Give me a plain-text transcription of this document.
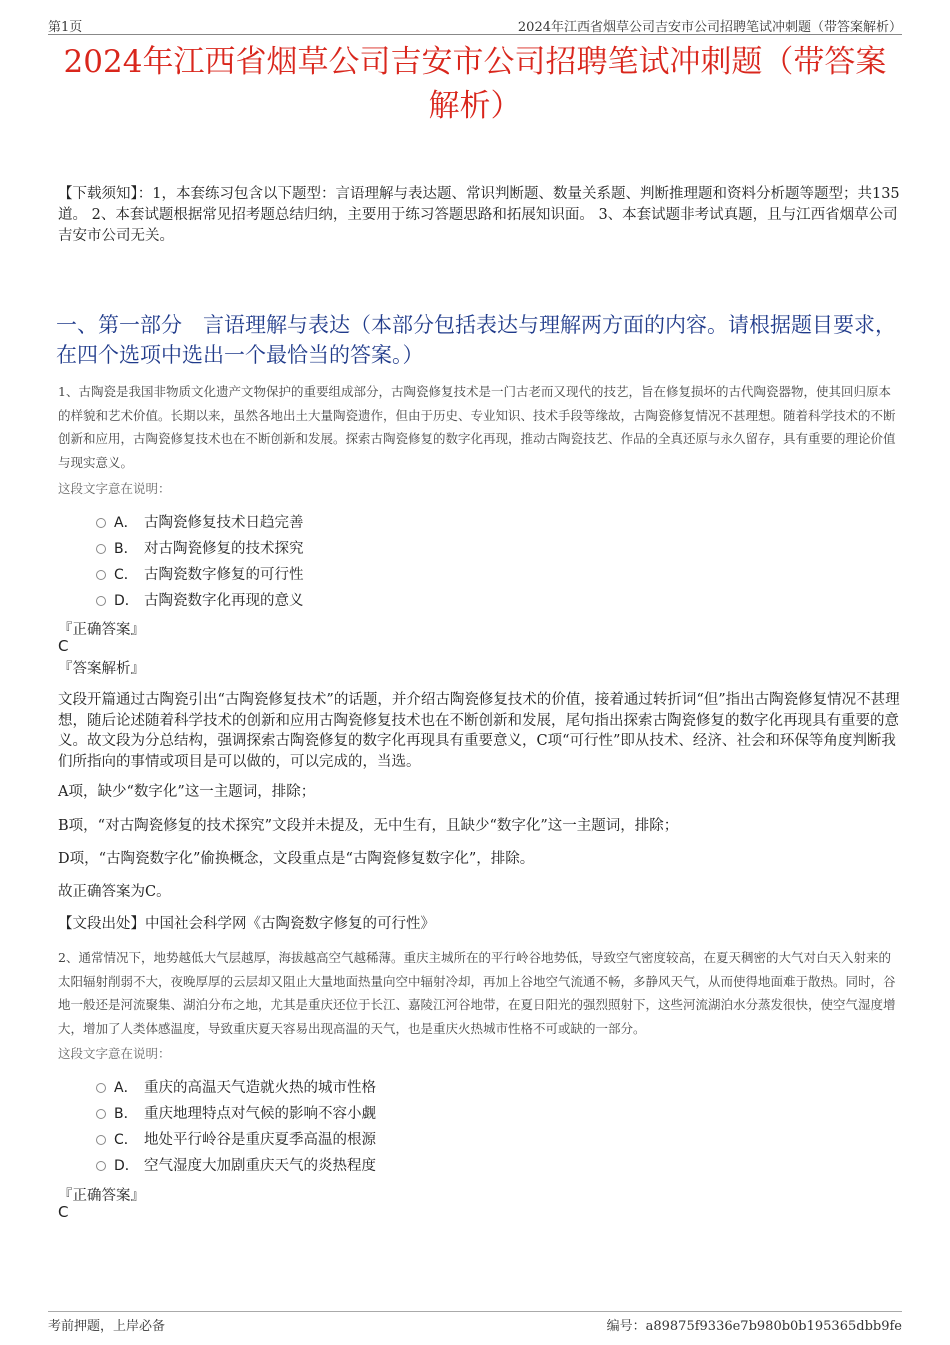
第1页	2024年江西省烟草公司吉安市公司招聘笔试冲刺题（带答案解析）
2024年江西省烟草公司吉安市公司招聘笔试冲刺题（带答案解析）
【下载须知】：1，本套练习包含以下题型：言语理解与表达题、常识判断题、数量关系题、判断推理题和资料分析题等题型；共135道。 2、本套试题根据常见招考题总结归纳，主要用于练习答题思路和拓展知识面。 3、本套试题非考试真题，且与江西省烟草公司吉安市公司无关。
一、第一部分　言语理解与表达（本部分包括表达与理解两方面的内容。请根据题目要求，在四个选项中选出一个最恰当的答案。）
1、古陶瓷是我国非物质文化遗产文物保护的重要组成部分，古陶瓷修复技术是一门古老而又现代的技艺，旨在修复损坏的古代陶瓷器物，使其回归原本的样貌和艺术价值。长期以来，虽然各地出土大量陶瓷遗作，但由于历史、专业知识、技术手段等缘故，古陶瓷修复情况不甚理想。随着科学技术的不断创新和应用，古陶瓷修复技术也在不断创新和发展。探索古陶瓷修复的数字化再现，推动古陶瓷技艺、作品的全真还原与永久留存，具有重要的理论价值与现实意义。
这段文字意在说明：
A． 古陶瓷修复技术日趋完善
B． 对古陶瓷修复的技术探究
C． 古陶瓷数字修复的可行性
D． 古陶瓷数字化再现的意义
『正确答案』
C
『答案解析』
文段开篇通过古陶瓷引出“古陶瓷修复技术”的话题，并介绍古陶瓷修复技术的价值，接着通过转折词“但”指出古陶瓷修复情况不甚理想，随后论述随着科学技术的创新和应用古陶瓷修复技术也在不断创新和发展，尾句指出探索古陶瓷修复的数字化再现具有重要的意义。故文段为分总结构，强调探索古陶瓷修复的数字化再现具有重要意义，C项“可行性”即从技术、经济、社会和环保等角度判断我们所指向的事情或项目是可以做的，可以完成的，当选。
A项，缺少“数字化”这一主题词，排除；
B项，“对古陶瓷修复的技术探究”文段并未提及，无中生有，且缺少“数字化”这一主题词，排除；
D项，“古陶瓷数字化”偷换概念，文段重点是“古陶瓷修复数字化”，排除。
故正确答案为C。
【文段出处】中国社会科学网《古陶瓷数字修复的可行性》
2、通常情况下，地势越低大气层越厚，海拔越高空气越稀薄。重庆主城所在的平行岭谷地势低，导致空气密度较高，在夏天稠密的大气对白天入射来的太阳辐射削弱不大，夜晚厚厚的云层却又阻止大量地面热量向空中辐射冷却，再加上谷地空气流通不畅，多静风天气，从而使得地面难于散热。同时，谷地一般还是河流聚集、湖泊分布之地，尤其是重庆还位于长江、嘉陵江河谷地带，在夏日阳光的强烈照射下，这些河流湖泊水分蒸发很快，使空气湿度增大，增加了人类体感温度，导致重庆夏天容易出现高温的天气，也是重庆火热城市性格不可或缺的一部分。
这段文字意在说明：
A． 重庆的高温天气造就火热的城市性格
B． 重庆地理特点对气候的影响不容小觑
C． 地处平行岭谷是重庆夏季高温的根源
D． 空气湿度大加剧重庆天气的炎热程度
『正确答案』
C
考前押题，上岸必备	编号：a89875f9336e7b980b0b195365dbb9fe
